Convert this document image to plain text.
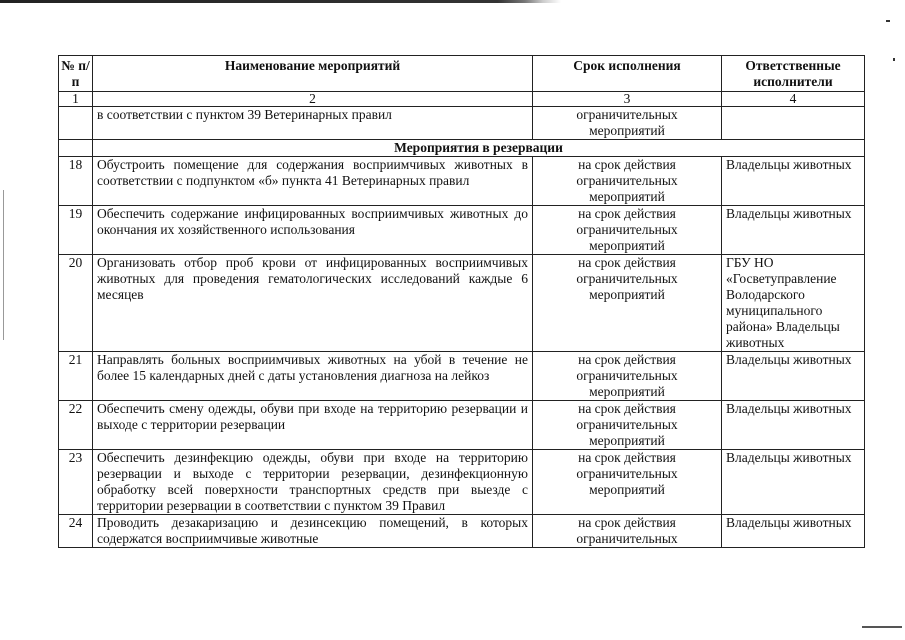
№ п/п	Наименование мероприятий	Срок исполнения	Ответственные исполнители
1	2	3	4
	в соответствии с пунктом 39 Ветеринарных правил	ограничительных мероприятий	
	Мероприятия в резервации		
18	Обустроить помещение для содержания восприимчивых животных в соответствии с подпунктом «б» пункта 41 Ветеринарных правил	на срок действия ограничительных мероприятий	Владельцы животных
19	Обеспечить содержание инфицированных восприимчивых животных до окончания их хозяйственного использования	на срок действия ограничительных мероприятий	Владельцы животных
20	Организовать отбор проб крови от инфицированных восприимчивых животных для проведения гематологических исследований каждые 6 месяцев	на срок действия ограничительных мероприятий	ГБУ НО «Госветуправление Володарского муниципального района» Владельцы животных
21	Направлять больных восприимчивых животных на убой в течение не более 15 календарных дней с даты установления диагноза на лейкоз	на срок действия ограничительных мероприятий	Владельцы животных
22	Обеспечить смену одежды, обуви при входе на территорию резервации и выходе с территории резервации	на срок действия ограничительных мероприятий	Владельцы животных
23	Обеспечить дезинфекцию одежды, обуви при входе на территорию резервации и выходе с территории резервации, дезинфекционную обработку всей поверхности транспортных средств при выезде с территории резервации в соответствии с пунктом 39 Правил	на срок действия ограничительных мероприятий	Владельцы животных
24	Проводить дезакаризацию и дезинсекцию помещений, в которых содержатся восприимчивые животные	на срок действия ограничительных	Владельцы животных
